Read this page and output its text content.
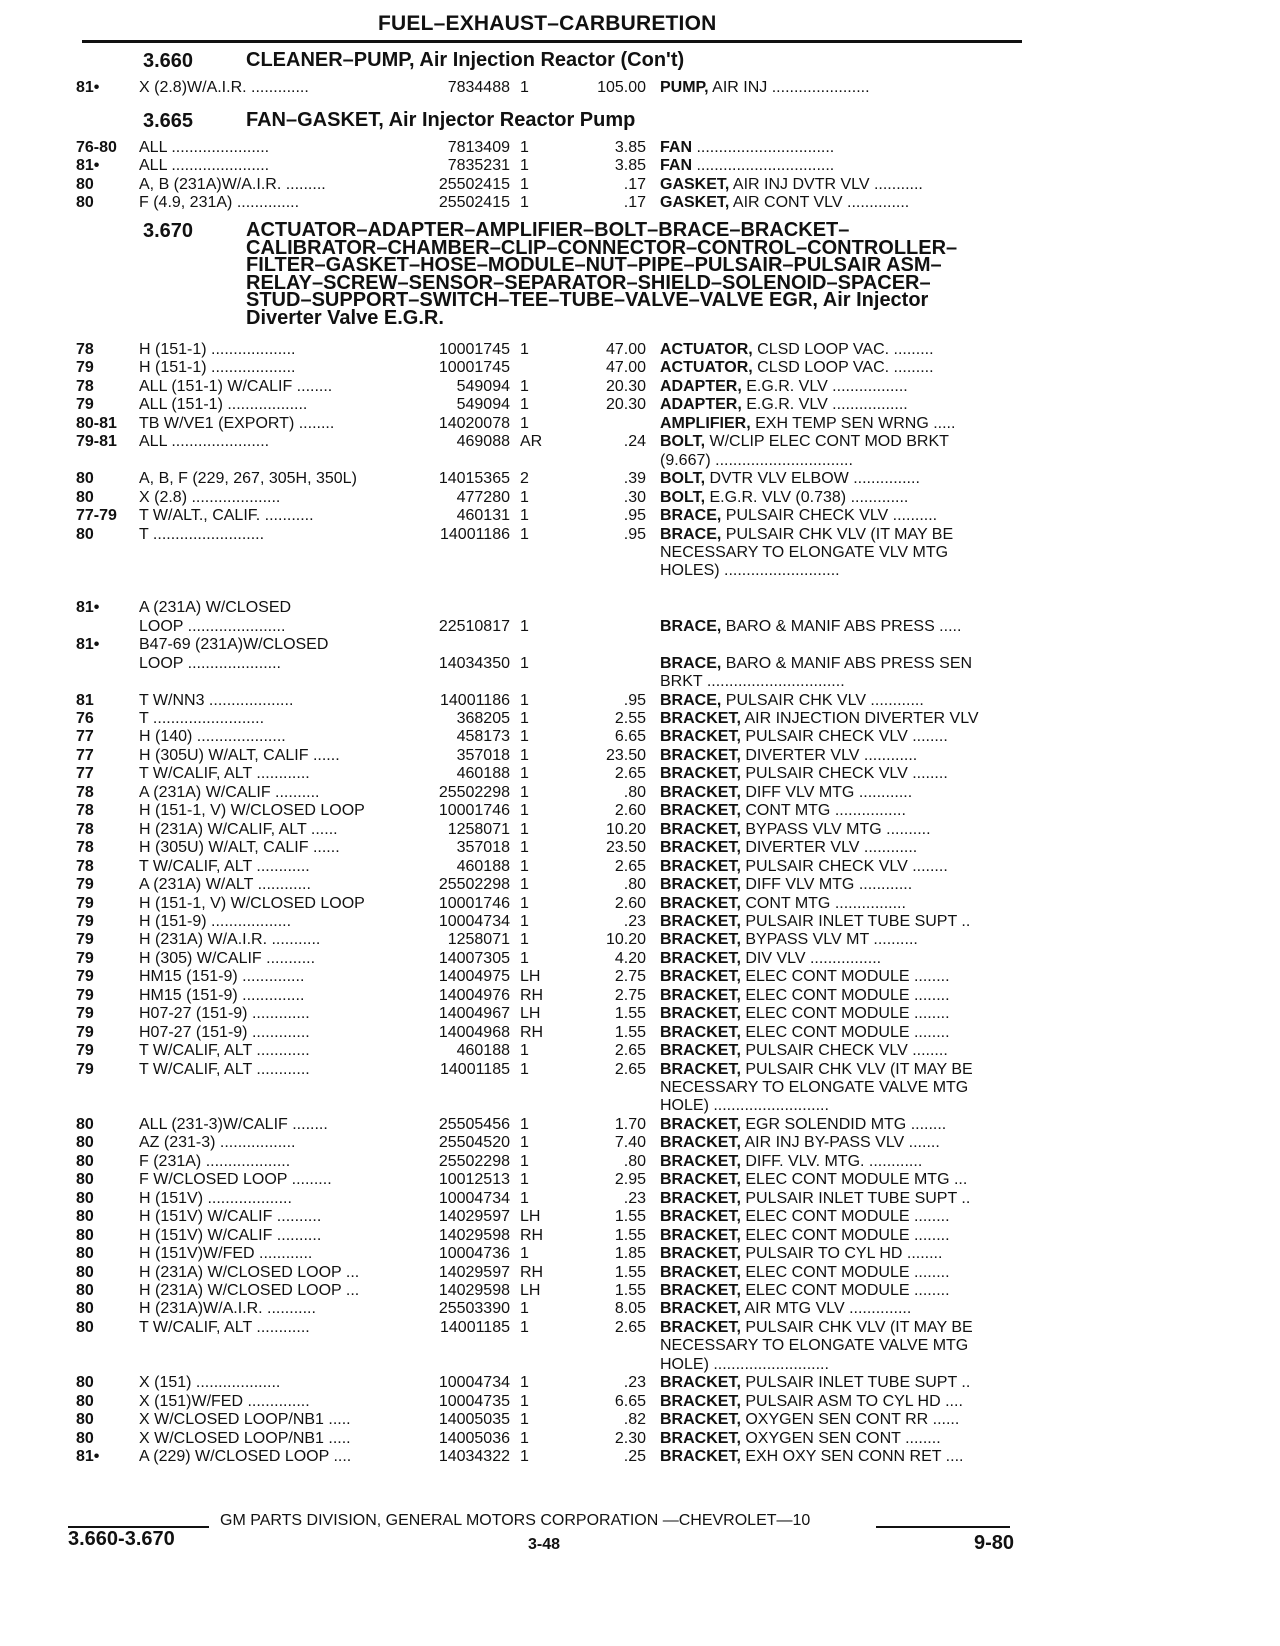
FUEL–EXHAUST–CARBURETION
3.660	CLEANER–PUMP, Air Injection Reactor (Con't)
81•	X (2.8)W/A.I.R. .............	7834488 1	105.00 PUMP, AIR INJ ......................
3.665	FAN–GASKET, Air Injector Reactor Pump
76-80	ALL ......................	7813409 1	3.85 FAN ...............................
81•	ALL ......................	7835231 1	3.85 FAN ...............................
80	A, B (231A)W/A.I.R. .........	25502415 1	.17 GASKET, AIR INJ DVTR VLV ...........
80	F (4.9, 231A) ..............	25502415 1	.17 GASKET, AIR CONT VLV ..............
3.670	ACTUATOR–ADAPTER–AMPLIFIER–BOLT–BRACE–BRACKET–
CALIBRATOR–CHAMBER–CLIP–CONNECTOR–CONTROL–CONTROLLER–
FILTER–GASKET–HOSE–MODULE–NUT–PIPE–PULSAIR–PULSAIR ASM–
RELAY–SCREW–SENSOR–SEPARATOR–SHIELD–SOLENOID–SPACER–
STUD–SUPPORT–SWITCH–TEE–TUBE–VALVE–VALVE EGR, Air Injector
Diverter Valve E.G.R.
78	H (151-1) ...................	10001745 1	47.00 ACTUATOR, CLSD LOOP VAC. .........
79	H (151-1) ...................	10001745	47.00 ACTUATOR, CLSD LOOP VAC. .........
78	ALL (151-1) W/CALIF ........	549094 1	20.30 ADAPTER, E.G.R. VLV .................
79	ALL (151-1) ..................	549094 1	20.30 ADAPTER, E.G.R. VLV .................
80-81	TB W/VE1 (EXPORT) ........	14020078 1	AMPLIFIER, EXH TEMP SEN WRNG .....
79-81	ALL ......................	469088 AR	.24 BOLT, W/CLIP ELEC CONT MOD BRKT
(9.667) ...............................
80	A, B, F (229, 267, 305H, 350L)	14015365 2	.39 BOLT, DVTR VLV ELBOW ...............
80	X (2.8) ....................	477280 1	.30 BOLT, E.G.R. VLV (0.738) .............
77-79	T W/ALT., CALIF. ...........	460131 1	.95 BRACE, PULSAIR CHECK VLV ..........
80	T .........................	14001186 1	.95 BRACE, PULSAIR CHK VLV (IT MAY BE
NECESSARY TO ELONGATE VLV MTG
HOLES) ..........................
81•	A (231A) W/CLOSED
LOOP ......................	22510817 1	BRACE, BARO & MANIF ABS PRESS .....
81•	B47-69 (231A)W/CLOSED
LOOP .....................	14034350 1	BRACE, BARO & MANIF ABS PRESS SEN
BRKT ...............................
81	T W/NN3 ...................	14001186 1	.95 BRACE, PULSAIR CHK VLV ............
76	T .........................	368205 1	2.55 BRACKET, AIR INJECTION DIVERTER VLV
77	H (140) ....................	458173 1	6.65 BRACKET, PULSAIR CHECK VLV ........
77	H (305U) W/ALT, CALIF ......	357018 1	23.50 BRACKET, DIVERTER VLV ............
77	T W/CALIF, ALT ............	460188 1	2.65 BRACKET, PULSAIR CHECK VLV ........
78	A (231A) W/CALIF ..........	25502298 1	.80 BRACKET, DIFF VLV MTG ............
78	H (151-1, V) W/CLOSED LOOP	10001746 1	2.60 BRACKET, CONT MTG ................
78	H (231A) W/CALIF, ALT ......	1258071 1	10.20 BRACKET, BYPASS VLV MTG ..........
78	H (305U) W/ALT, CALIF ......	357018 1	23.50 BRACKET, DIVERTER VLV ............
78	T W/CALIF, ALT ............	460188 1	2.65 BRACKET, PULSAIR CHECK VLV ........
79	A (231A) W/ALT ............	25502298 1	.80 BRACKET, DIFF VLV MTG ............
79	H (151-1, V) W/CLOSED LOOP	10001746 1	2.60 BRACKET, CONT MTG ................
79	H (151-9) ..................	10004734 1	.23 BRACKET, PULSAIR INLET TUBE SUPT ..
79	H (231A) W/A.I.R. ...........	1258071 1	10.20 BRACKET, BYPASS VLV MT ..........
79	H (305) W/CALIF ...........	14007305 1	4.20 BRACKET, DIV VLV ................
79	HM15 (151-9) ..............	14004975 LH	2.75 BRACKET, ELEC CONT MODULE ........
79	HM15 (151-9) ..............	14004976 RH	2.75 BRACKET, ELEC CONT MODULE ........
79	H07-27 (151-9) .............	14004967 LH	1.55 BRACKET, ELEC CONT MODULE ........
79	H07-27 (151-9) .............	14004968 RH	1.55 BRACKET, ELEC CONT MODULE ........
79	T W/CALIF, ALT ............	460188 1	2.65 BRACKET, PULSAIR CHECK VLV ........
79	T W/CALIF, ALT ............	14001185 1	2.65 BRACKET, PULSAIR CHK VLV (IT MAY BE
NECESSARY TO ELONGATE VALVE MTG
HOLE) ..........................
80	ALL (231-3)W/CALIF ........	25505456 1	1.70 BRACKET, EGR SOLENDID MTG ........
80	AZ (231-3) .................	25504520 1	7.40 BRACKET, AIR INJ BY-PASS VLV .......
80	F (231A) ...................	25502298 1	.80 BRACKET, DIFF. VLV. MTG. ............
80	F W/CLOSED LOOP .........	10012513 1	2.95 BRACKET, ELEC CONT MODULE MTG ...
80	H (151V) ...................	10004734 1	.23 BRACKET, PULSAIR INLET TUBE SUPT ..
80	H (151V) W/CALIF ..........	14029597 LH	1.55 BRACKET, ELEC CONT MODULE ........
80	H (151V) W/CALIF ..........	14029598 RH	1.55 BRACKET, ELEC CONT MODULE ........
80	H (151V)W/FED ............	10004736 1	1.85 BRACKET, PULSAIR TO CYL HD ........
80	H (231A) W/CLOSED LOOP ...	14029597 RH	1.55 BRACKET, ELEC CONT MODULE ........
80	H (231A) W/CLOSED LOOP ...	14029598 LH	1.55 BRACKET, ELEC CONT MODULE ........
80	H (231A)W/A.I.R. ...........	25503390 1	8.05 BRACKET, AIR MTG VLV ..............
80	T W/CALIF, ALT ............	14001185 1	2.65 BRACKET, PULSAIR CHK VLV (IT MAY BE
NECESSARY TO ELONGATE VALVE MTG
HOLE) ..........................
80	X (151) ...................	10004734 1	.23 BRACKET, PULSAIR INLET TUBE SUPT ..
80	X (151)W/FED ..............	10004735 1	6.65 BRACKET, PULSAIR ASM TO CYL HD ....
80	X W/CLOSED LOOP/NB1 .....	14005035 1	.82 BRACKET, OXYGEN SEN CONT RR ......
80	X W/CLOSED LOOP/NB1 .....	14005036 1	2.30 BRACKET, OXYGEN SEN CONT ........
81•	A (229) W/CLOSED LOOP ....	14034322 1	.25 BRACKET, EXH OXY SEN CONN RET ....
GM PARTS DIVISION, GENERAL MOTORS CORPORATION —CHEVROLET—10
3.660-3.670	3-48	9-80
